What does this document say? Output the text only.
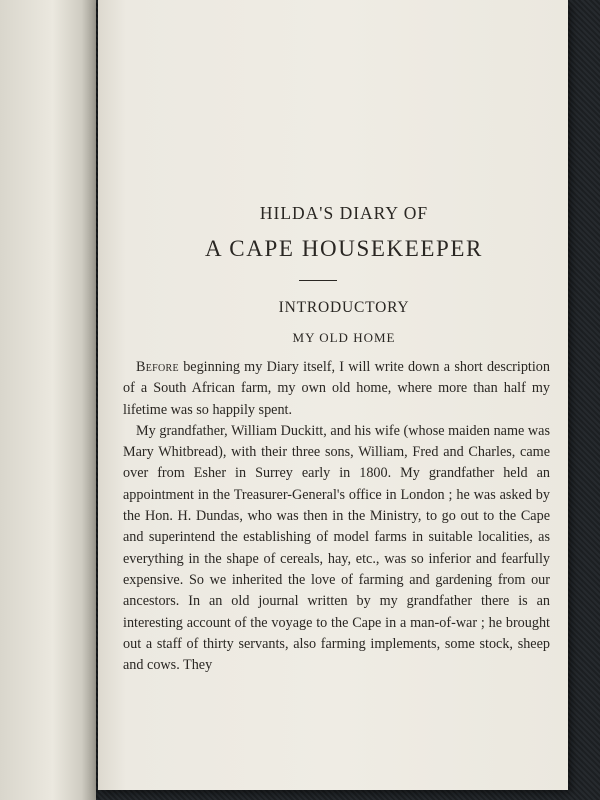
HILDA'S DIARY OF
A CAPE HOUSEKEEPER
INTRODUCTORY
MY OLD HOME

Before beginning my Diary itself, I will write down a short description of a South African farm, my own old home, where more than half my lifetime was so happily spent.

My grandfather, William Duckitt, and his wife (whose maiden name was Mary Whitbread), with their three sons, William, Fred and Charles, came over from Esher in Surrey early in 1800. My grandfather held an appointment in the Treasurer-General's office in London ; he was asked by the Hon. H. Dundas, who was then in the Ministry, to go out to the Cape and superintend the establishing of model farms in suitable localities, as everything in the shape of cereals, hay, etc., was so inferior and fearfully expensive. So we inherited the love of farming and gardening from our ancestors. In an old journal written by my grandfather there is an interesting account of the voyage to the Cape in a man-of-war ; he brought out a staff of thirty servants, also farming implements, some stock, sheep and cows. They
